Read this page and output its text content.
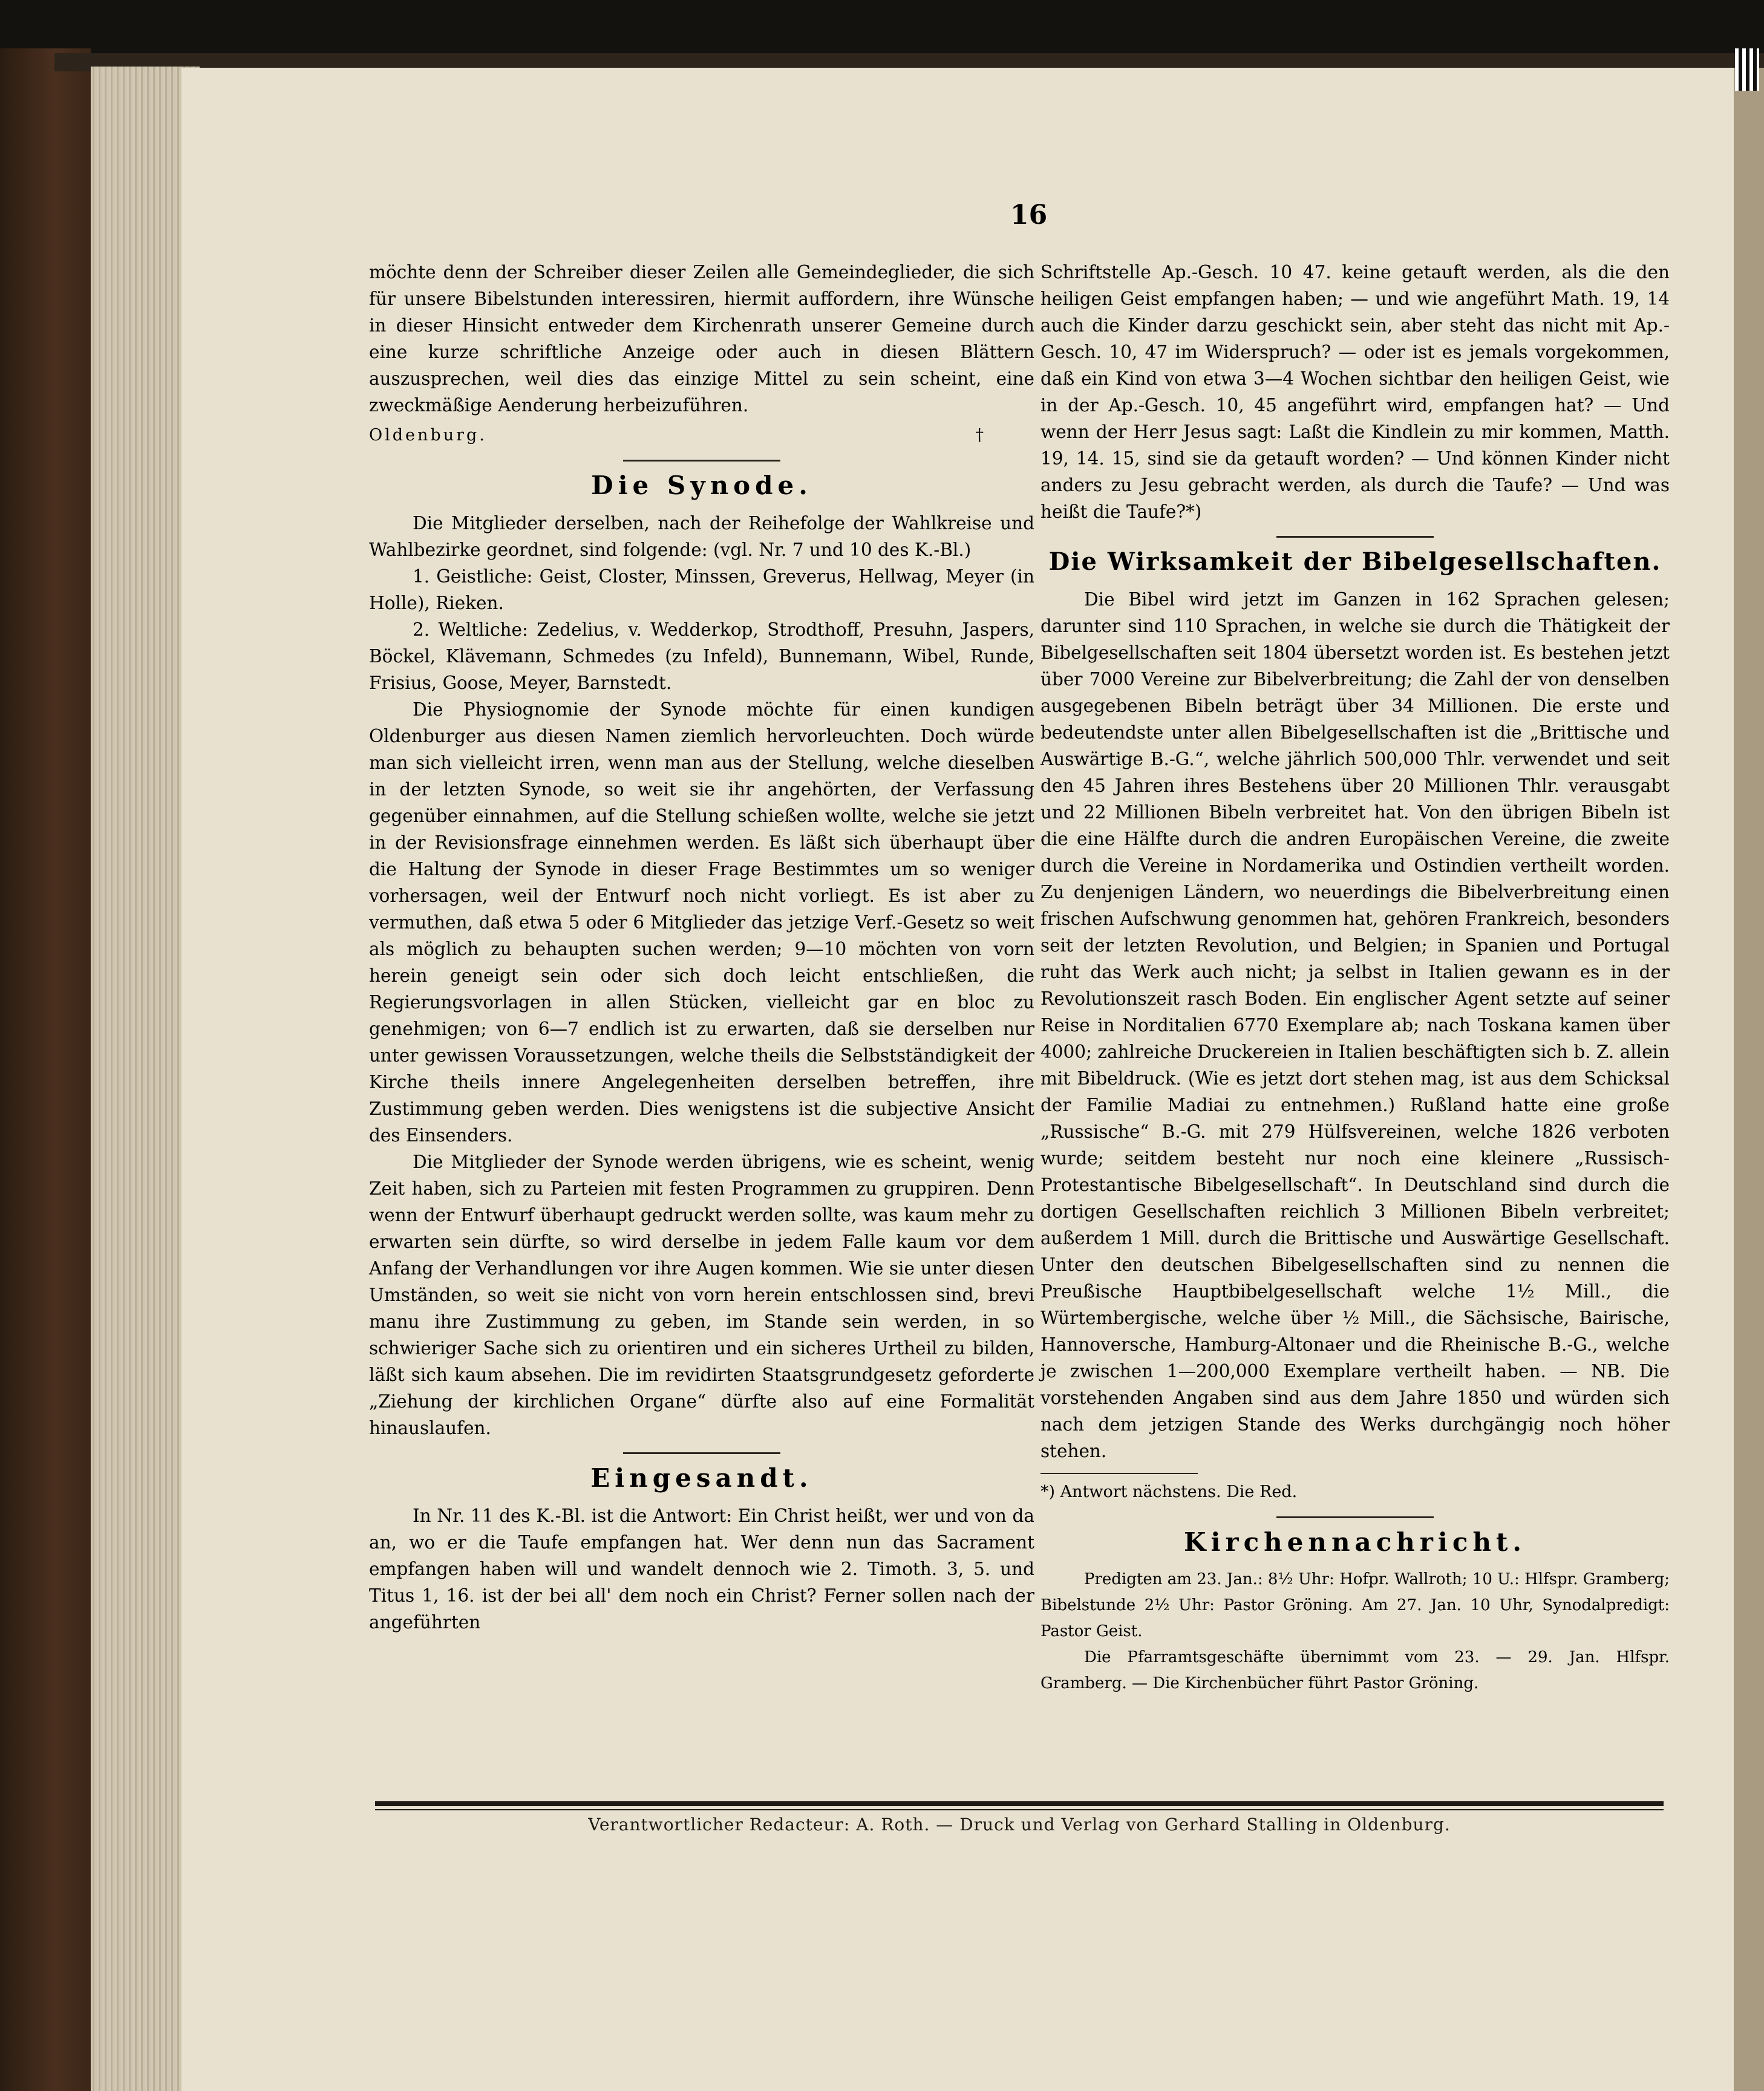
16

möchte denn der Schreiber dieser Zeilen alle Gemeindeglieder, die sich für unsere Bibelstunden interessiren, hiermit auffordern, ihre Wünsche in dieser Hinsicht entweder dem Kirchenrath unserer Gemeine durch eine kurze schriftliche Anzeige oder auch in diesen Blättern auszusprechen, weil dies das einzige Mittel zu sein scheint, eine zweckmäßige Aenderung herbeizuführen.

Oldenburg.	†
Die Synode.

Die Mitglieder derselben, nach der Reihefolge der Wahlkreise und Wahlbezirke geordnet, sind folgende: (vgl. Nr. 7 und 10 des K.-Bl.)

1. Geistliche: Geist, Closter, Minssen, Greverus, Hellwag, Meyer (in Holle), Rieken.

2. Weltliche: Zedelius, v. Wedderkop, Strodthoff, Presuhn, Jaspers, Böckel, Klävemann, Schmedes (zu Infeld), Bunnemann, Wibel, Runde, Frisius, Goose, Meyer, Barnstedt.

Die Physiognomie der Synode möchte für einen kundigen Oldenburger aus diesen Namen ziemlich hervorleuchten. Doch würde man sich vielleicht irren, wenn man aus der Stellung, welche dieselben in der letzten Synode, so weit sie ihr angehörten, der Verfassung gegenüber einnahmen, auf die Stellung schießen wollte, welche sie jetzt in der Revisionsfrage einnehmen werden. Es läßt sich überhaupt über die Haltung der Synode in dieser Frage Bestimmtes um so weniger vorhersagen, weil der Entwurf noch nicht vorliegt. Es ist aber zu vermuthen, daß etwa 5 oder 6 Mitglieder das jetzige Verf.-Gesetz so weit als möglich zu behaupten suchen werden; 9—10 möchten von vorn herein geneigt sein oder sich doch leicht entschließen, die Regierungsvorlagen in allen Stücken, vielleicht gar en bloc zu genehmigen; von 6—7 endlich ist zu erwarten, daß sie derselben nur unter gewissen Voraussetzungen, welche theils die Selbstständigkeit der Kirche theils innere Angelegenheiten derselben betreffen, ihre Zustimmung geben werden. Dies wenigstens ist die subjective Ansicht des Einsenders.

Die Mitglieder der Synode werden übrigens, wie es scheint, wenig Zeit haben, sich zu Parteien mit festen Programmen zu gruppiren. Denn wenn der Entwurf überhaupt gedruckt werden sollte, was kaum mehr zu erwarten sein dürfte, so wird derselbe in jedem Falle kaum vor dem Anfang der Verhandlungen vor ihre Augen kommen. Wie sie unter diesen Umständen, so weit sie nicht von vorn herein entschlossen sind, brevi manu ihre Zustimmung zu geben, im Stande sein werden, in so schwieriger Sache sich zu orientiren und ein sicheres Urtheil zu bilden, läßt sich kaum absehen. Die im revidirten Staatsgrundgesetz geforderte „Ziehung der kirchlichen Organe“ dürfte also auf eine Formalität hinauslaufen.

Eingesandt.

In Nr. 11 des K.-Bl. ist die Antwort: Ein Christ heißt, wer und von da an, wo er die Taufe empfangen hat. Wer denn nun das Sacrament empfangen haben will und wandelt dennoch wie 2. Timoth. 3, 5. und Titus 1, 16. ist der bei all' dem noch ein Christ? Ferner sollen nach der angeführten

Schriftstelle Ap.-Gesch. 10 47. keine getauft werden, als die den heiligen Geist empfangen haben; — und wie angeführt Math. 19, 14 auch die Kinder darzu geschickt sein, aber steht das nicht mit Ap.-Gesch. 10, 47 im Widerspruch? — oder ist es jemals vorgekommen, daß ein Kind von etwa 3—4 Wochen sichtbar den heiligen Geist, wie in der Ap.-Gesch. 10, 45 angeführt wird, empfangen hat? — Und wenn der Herr Jesus sagt: Laßt die Kindlein zu mir kommen, Matth. 19, 14. 15, sind sie da getauft worden? — Und können Kinder nicht anders zu Jesu gebracht werden, als durch die Taufe? — Und was heißt die Taufe?*)

Die Wirksamkeit der Bibelgesellschaften.

Die Bibel wird jetzt im Ganzen in 162 Sprachen gelesen; darunter sind 110 Sprachen, in welche sie durch die Thätigkeit der Bibelgesellschaften seit 1804 übersetzt worden ist. Es bestehen jetzt über 7000 Vereine zur Bibelverbreitung; die Zahl der von denselben ausgegebenen Bibeln beträgt über 34 Millionen. Die erste und bedeutendste unter allen Bibelgesellschaften ist die „Brittische und Auswärtige B.-G.“, welche jährlich 500,000 Thlr. verwendet und seit den 45 Jahren ihres Bestehens über 20 Millionen Thlr. verausgabt und 22 Millionen Bibeln verbreitet hat. Von den übrigen Bibeln ist die eine Hälfte durch die andren Europäischen Vereine, die zweite durch die Vereine in Nordamerika und Ostindien vertheilt worden. Zu denjenigen Ländern, wo neuerdings die Bibelverbreitung einen frischen Aufschwung genommen hat, gehören Frankreich, besonders seit der letzten Revolution, und Belgien; in Spanien und Portugal ruht das Werk auch nicht; ja selbst in Italien gewann es in der Revolutionszeit rasch Boden. Ein englischer Agent setzte auf seiner Reise in Norditalien 6770 Exemplare ab; nach Toskana kamen über 4000; zahlreiche Druckereien in Italien beschäftigten sich b. Z. allein mit Bibeldruck. (Wie es jetzt dort stehen mag, ist aus dem Schicksal der Familie Madiai zu entnehmen.) Rußland hatte eine große „Russische“ B.-G. mit 279 Hülfsvereinen, welche 1826 verboten wurde; seitdem besteht nur noch eine kleinere „Russisch-Protestantische Bibelgesellschaft“. In Deutschland sind durch die dortigen Gesellschaften reichlich 3 Millionen Bibeln verbreitet; außerdem 1 Mill. durch die Brittische und Auswärtige Gesellschaft. Unter den deutschen Bibelgesellschaften sind zu nennen die Preußische Hauptbibelgesellschaft welche 1½ Mill., die Würtembergische, welche über ½ Mill., die Sächsische, Bairische, Hannoversche, Hamburg-Altonaer und die Rheinische B.-G., welche je zwischen 1—200,000 Exemplare vertheilt haben. — NB. Die vorstehenden Angaben sind aus dem Jahre 1850 und würden sich nach dem jetzigen Stande des Werks durchgängig noch höher stehen.

*) Antwort nächstens. Die Red.
Kirchennachricht.

Predigten am 23. Jan.: 8½ Uhr: Hofpr. Wallroth; 10 U.: Hlfspr. Gramberg; Bibelstunde 2½ Uhr: Pastor Gröning. Am 27. Jan. 10 Uhr, Synodalpredigt: Pastor Geist.

Die Pfarramtsgeschäfte übernimmt vom 23. — 29. Jan. Hlfspr. Gramberg. — Die Kirchenbücher führt Pastor Gröning.

Verantwortlicher Redacteur: A. Roth. — Druck und Verlag von Gerhard Stalling in Oldenburg.
